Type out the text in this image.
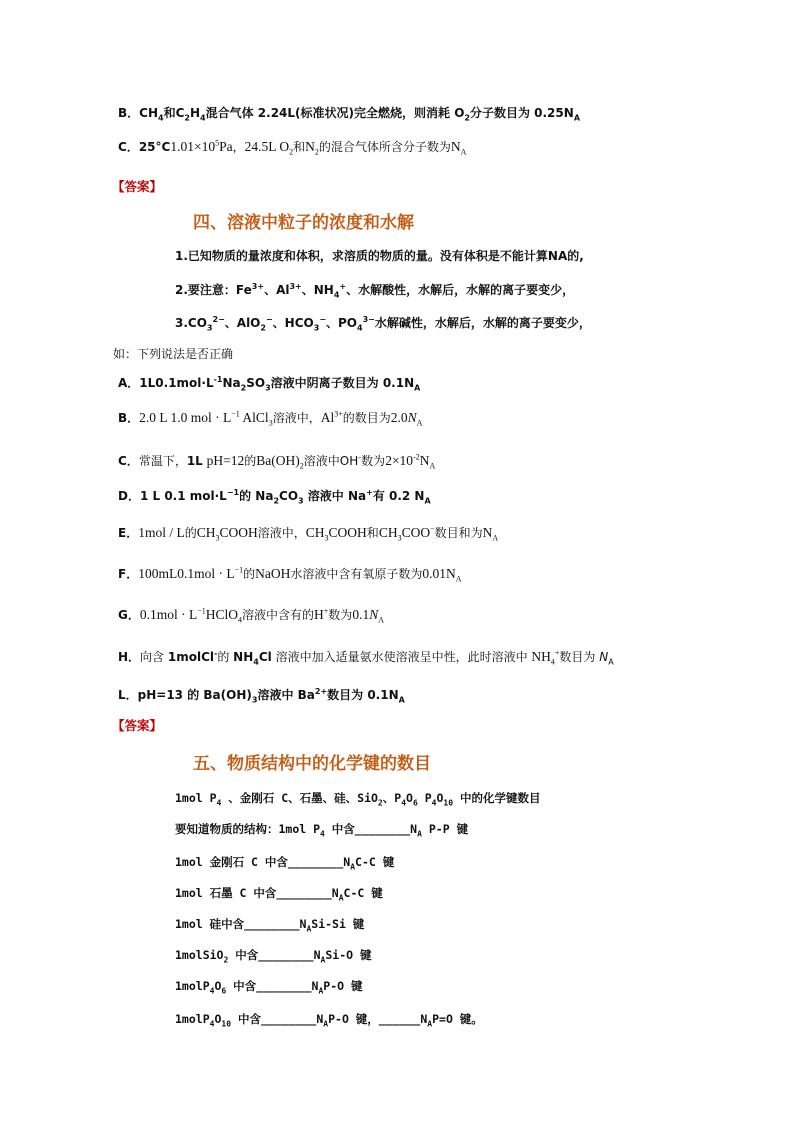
B．$CH_4$和$C_2H_4$混合气体 2.24L(标准状况)完全燃烧，则消耗 $O_2$分子数目为 $0.25N_A$
C．$25^\circ C1.01\times 10^5Pa$，24.5L $O_2$和$N_2$的混合气体所含分子数为$N_A$
【答案】
四、溶液中粒子的浓度和水解
1.已知物质的量浓度和体积，求溶质的物质的量。没有体积是不能计算NA的,
2.要注意：$Fe^{3+}$、$Al^{3+}$、$NH_4^+$、水解酸性，水解后，水解的离子要变少，
$3.CO_3^{2-}$、AlO$_2$−、$HCO_3^-$、$PO_4^{3-}$水解碱性，水解后，水解的离子要变少，
如：下列说法是否正确
A．$1L0.1mol\cdot L^{-1}Na_2SO_3$溶液中阴离子数目为 $0.1N_A$
B．2.0 L 1.0 mol · $L^{-1}$ AlCl$_3$溶液中，$Al^{3+}$的数目为$2.0N_A$
C．常温下，1L pH=12的$Ba(OH)_2$溶液中OH-数为$2\times 10^{-2}N_A$
D．1 L 0.1 $mol\cdot L^{-1}$的 $Na_2CO_3$ 溶液中 Na+有 0.2 $N_A$
E．1mol / L的$CH_3COOH$溶液中，$CH_3COOH$和$CH_3COO^-$数目和为$N_A$
F．$100mL0.1mol \cdot L^{-1}$的NaOH水溶液中含有氧原子数为$0.01N_A$
G．$0.1mol \cdot L^{-1}HClO_4$溶液中含有的H+数为$0.1N_A$
H．向含 1molCl-的 $NH_4Cl$ 溶液中加入适量氨水使溶液呈中性，此时溶液中 $NH_4^+$数目为 $N_A$
L．pH=13 的 $Ba(OH)_3$溶液中 $Ba^{2+}$数目为 $0.1N_A$
【答案】
五、物质结构中的化学键的数目
1mol $P_4$ 、金刚石 C、石墨、硅、SiO$_2$、$P_4O_6$ $P_4O_{10}$ 中的化学键数目
要知道物质的结构：1mol $P_4$ 中含$\_\_\_\_\_\_\_\_N_A$ P-P 键
1mol 金刚石 C 中含$\_\_\_\_\_\_\_\_N_AC-C$ 键
1mol 石墨 C 中含$\_\_\_\_\_\_\_\_N_AC-C$ 键
1mol 硅中含$\_\_\_\_\_\_\_\_N_ASi-Si$ 键
1molSiO$_2$ 中含$\_\_\_\_\_\_\_\_N_ASi-O$ 键
$1molP_4O_6$ 中含$\_\_\_\_\_\_\_\_N_AP-O$ 键
$1molP_4O_{10}$ 中含$\_\_\_\_\_\_\_\_N_AP-O$ 键，$\_\_\_\_\_\_N_AP=O$ 键。
